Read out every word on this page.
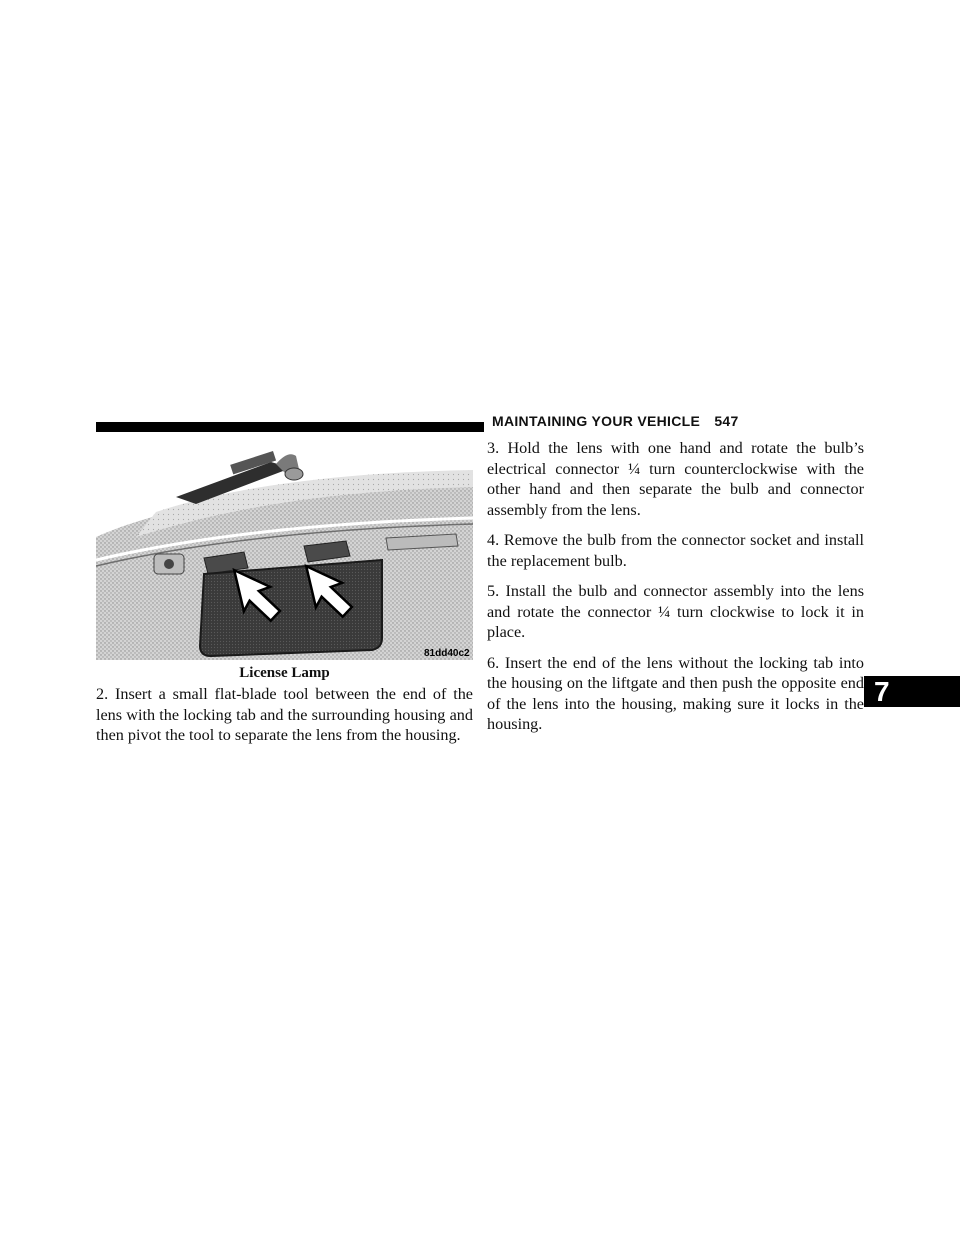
MAINTAINING YOUR VEHICLE 547
81dd40c2
License Lamp

2. Insert a small flat-blade tool between the end of the lens with the locking tab and the surrounding housing and then pivot the tool to separate the lens from the housing.

3. Hold the lens with one hand and rotate the bulb’s electrical connector ¼ turn counterclockwise with the other hand and then separate the bulb and connector assembly from the lens.

4. Remove the bulb from the connector socket and install the replacement bulb.

5. Install the bulb and connector assembly into the lens and rotate the connector ¼ turn clockwise to lock it in place.

6. Insert the end of the lens without the locking tab into the housing on the liftgate and then push the opposite end of the lens into the housing, making sure it locks in the housing.

7
